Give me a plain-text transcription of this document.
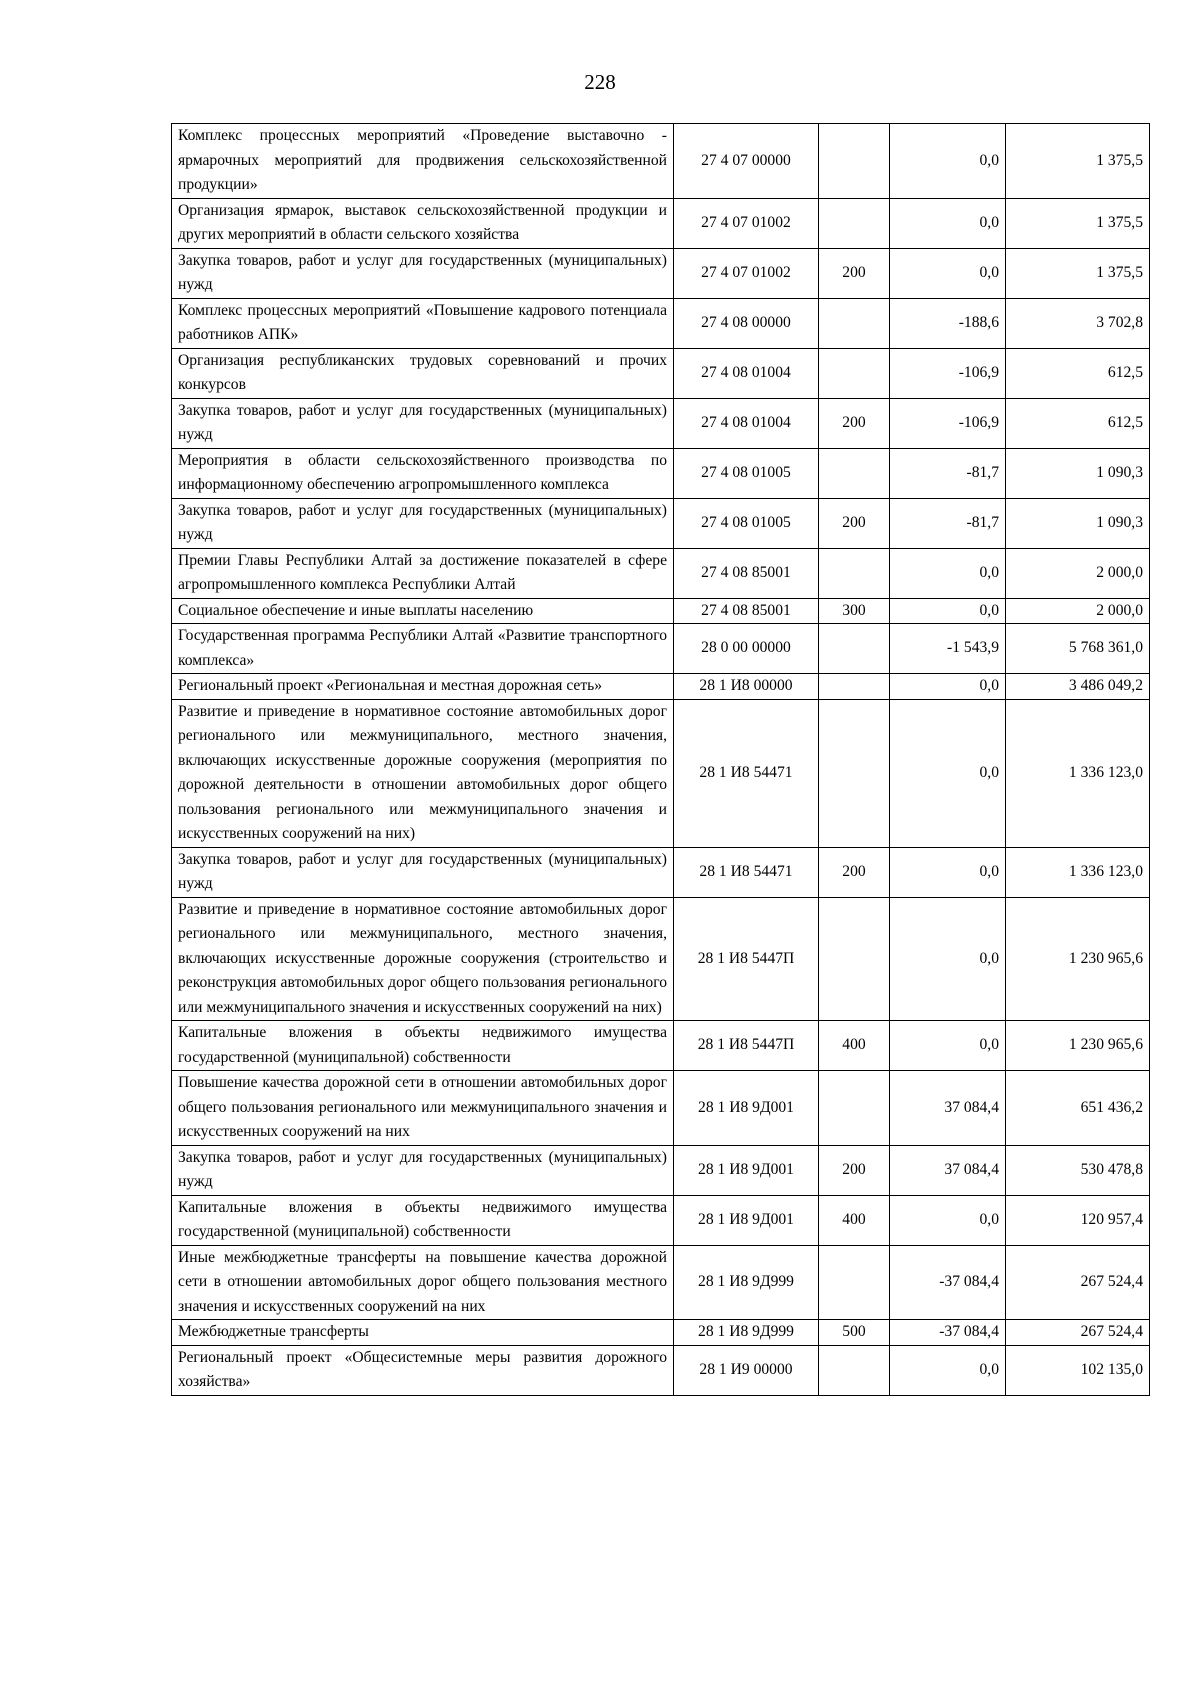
228
Комплекс процессных мероприятий «Проведение выставочно - ярмарочных мероприятий для продвижения сельскохозяйственной продукции»	27 4 07 00000		0,0	1 375,5
Организация ярмарок, выставок сельскохозяйственной продукции и других мероприятий в области сельского хозяйства	27 4 07 01002		0,0	1 375,5
Закупка товаров, работ и услуг для государственных (муниципальных) нужд	27 4 07 01002	200	0,0	1 375,5
Комплекс процессных мероприятий «Повышение кадрового потенциала работников АПК»	27 4 08 00000		-188,6	3 702,8
Организация республиканских трудовых соревнований и прочих конкурсов	27 4 08 01004		-106,9	612,5
Закупка товаров, работ и услуг для государственных (муниципальных) нужд	27 4 08 01004	200	-106,9	612,5
Мероприятия в области сельскохозяйственного производства по информационному обеспечению агропромышленного комплекса	27 4 08 01005		-81,7	1 090,3
Закупка товаров, работ и услуг для государственных (муниципальных) нужд	27 4 08 01005	200	-81,7	1 090,3
Премии Главы Республики Алтай за достижение показателей в сфере агропромышленного комплекса Республики Алтай	27 4 08 85001		0,0	2 000,0
Социальное обеспечение и иные выплаты населению	27 4 08 85001	300	0,0	2 000,0
Государственная программа Республики Алтай «Развитие транспортного комплекса»	28 0 00 00000		-1 543,9	5 768 361,0
Региональный проект «Региональная и местная дорожная сеть»	28 1 И8 00000		0,0	3 486 049,2
Развитие и приведение в нормативное состояние автомобильных дорог регионального или межмуниципального, местного значения, включающих искусственные дорожные сооружения (мероприятия по дорожной деятельности в отношении автомобильных дорог общего пользования регионального или межмуниципального значения и искусственных сооружений на них)	28 1 И8 54471		0,0	1 336 123,0
Закупка товаров, работ и услуг для государственных (муниципальных) нужд	28 1 И8 54471	200	0,0	1 336 123,0
Развитие и приведение в нормативное состояние автомобильных дорог регионального или межмуниципального, местного значения, включающих искусственные дорожные сооружения (строительство и реконструкция автомобильных дорог общего пользования регионального или межмуниципального значения и искусственных сооружений на них)	28 1 И8 5447П		0,0	1 230 965,6
Капитальные вложения в объекты недвижимого имущества государственной (муниципальной) собственности	28 1 И8 5447П	400	0,0	1 230 965,6
Повышение качества дорожной сети в отношении автомобильных дорог общего пользования регионального или межмуниципального значения и искусственных сооружений на них	28 1 И8 9Д001		37 084,4	651 436,2
Закупка товаров, работ и услуг для государственных (муниципальных) нужд	28 1 И8 9Д001	200	37 084,4	530 478,8
Капитальные вложения в объекты недвижимого имущества государственной (муниципальной) собственности	28 1 И8 9Д001	400	0,0	120 957,4
Иные межбюджетные трансферты на повышение качества дорожной сети в отношении автомобильных дорог общего пользования местного значения и искусственных сооружений на них	28 1 И8 9Д999		-37 084,4	267 524,4
Межбюджетные трансферты	28 1 И8 9Д999	500	-37 084,4	267 524,4
Региональный проект «Общесистемные меры развития дорожного хозяйства»	28 1 И9 00000		0,0	102 135,0
